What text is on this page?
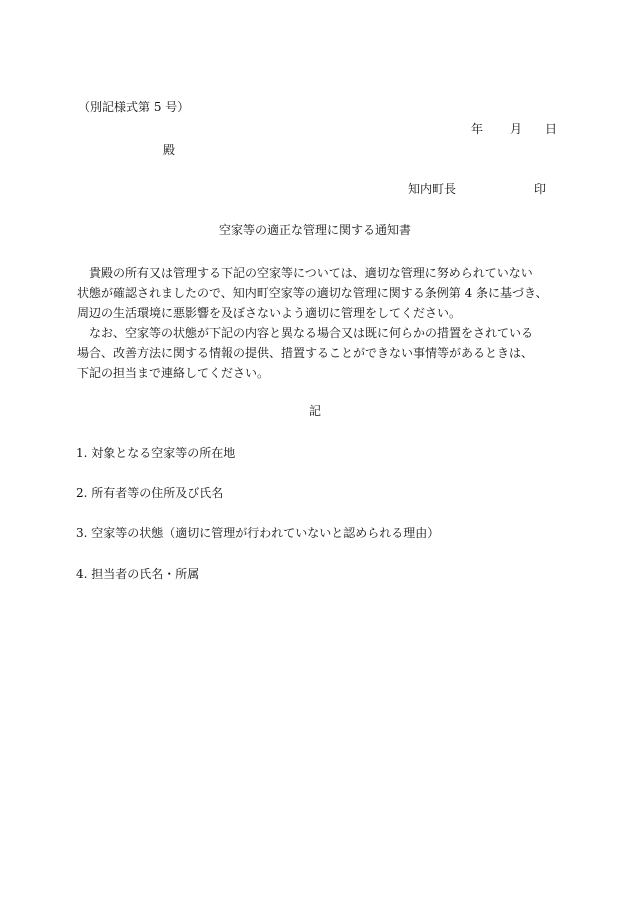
（別記様式第 5 号）
年 月 日
殿
知内町長	印
空家等の適正な管理に関する通知書
貴殿の所有又は管理する下記の空家等については、適切な管理に努められていない
状態が確認されましたので、知内町空家等の適切な管理に関する条例第 4 条に基づき、
周辺の生活環境に悪影響を及ぼさないよう適切に管理をしてください。
なお、空家等の状態が下記の内容と異なる場合又は既に何らかの措置をされている
場合、改善方法に関する情報の提供、措置することができない事情等があるときは、
下記の担当まで連絡してください。
記
1. 対象となる空家等の所在地
2. 所有者等の住所及び氏名
3. 空家等の状態（適切に管理が行われていないと認められる理由）
4. 担当者の氏名・所属
